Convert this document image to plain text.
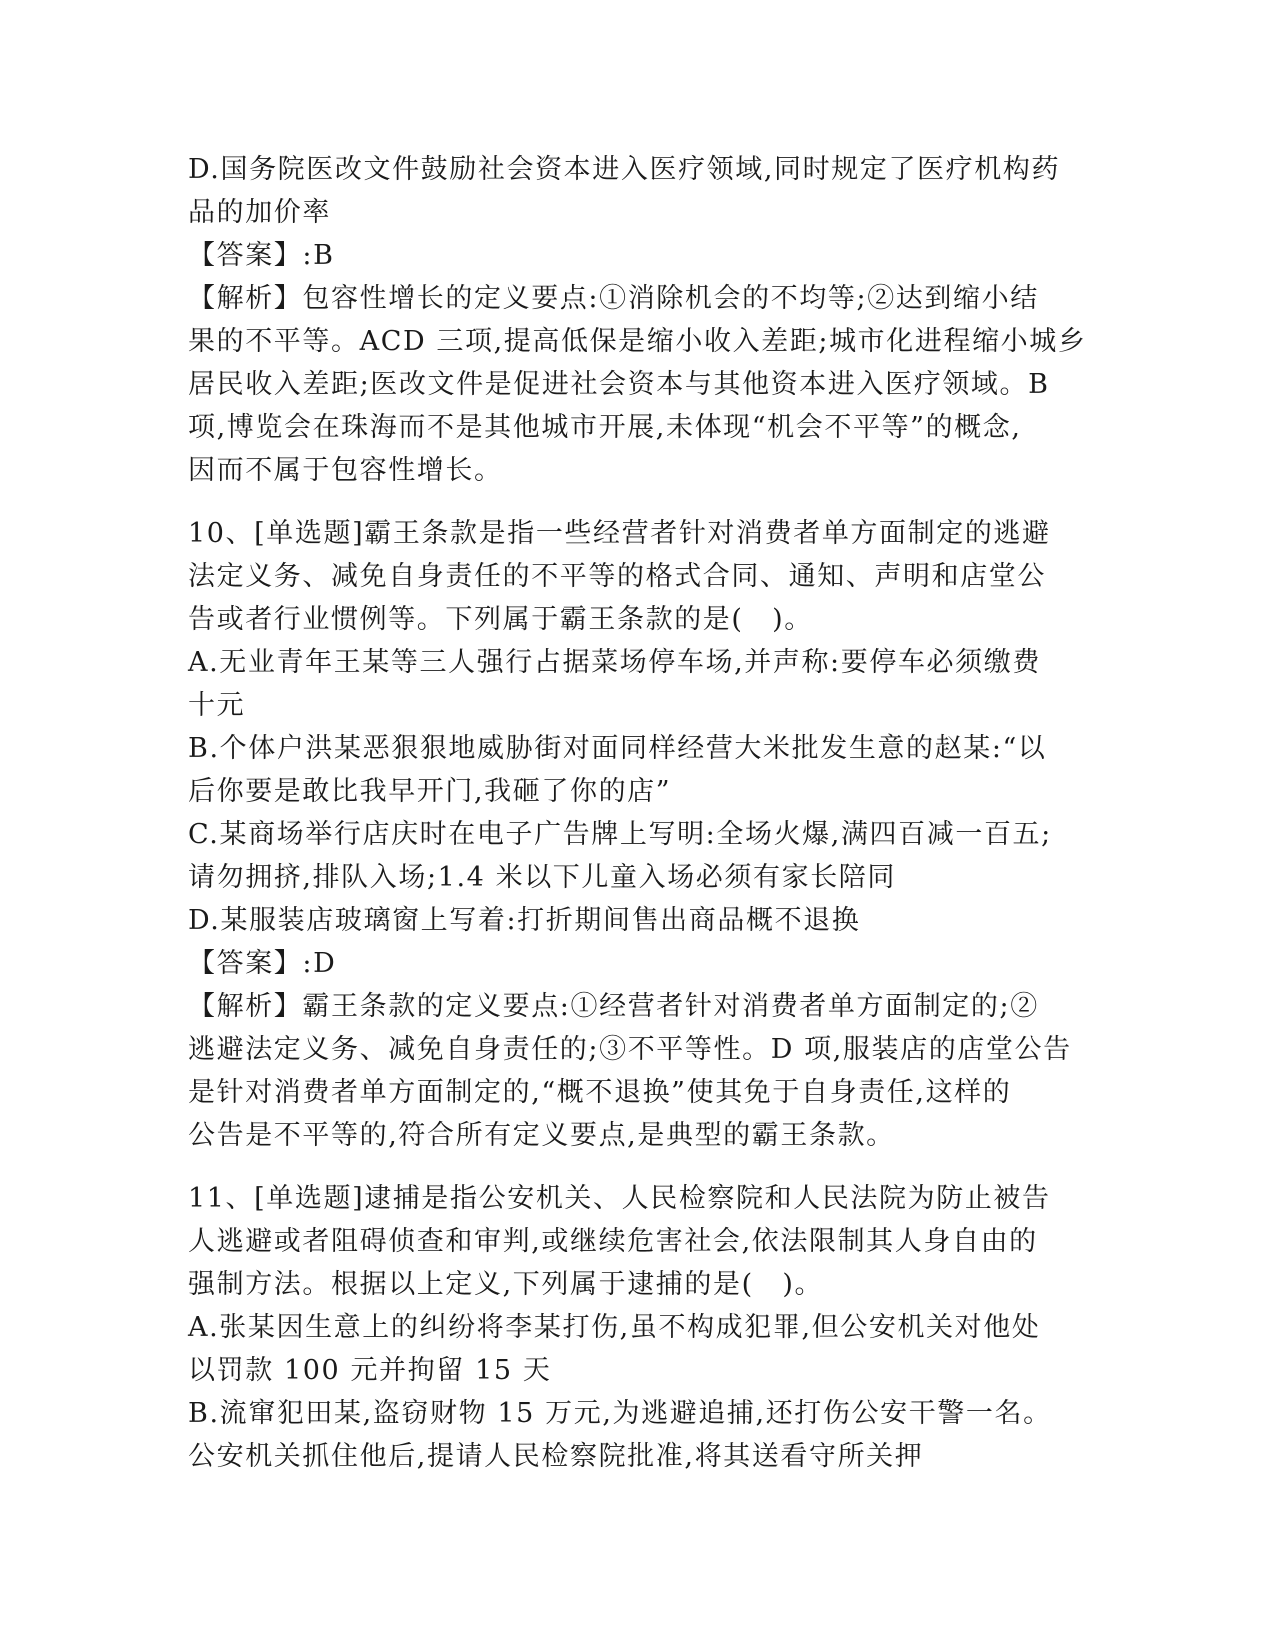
D.国务院医改文件鼓励社会资本进入医疗领域,同时规定了医疗机构药
品的加价率
【答案】:B
【解析】包容性增长的定义要点:①消除机会的不均等;②达到缩小结
果的不平等。ACD 三项,提高低保是缩小收入差距;城市化进程缩小城乡
居民收入差距;医改文件是促进社会资本与其他资本进入医疗领域。B
项,博览会在珠海而不是其他城市开展,未体现“机会不平等”的概念,
因而不属于包容性增长。
10、[单选题]霸王条款是指一些经营者针对消费者单方面制定的逃避
法定义务、减免自身责任的不平等的格式合同、通知、声明和店堂公
告或者行业惯例等。下列属于霸王条款的是(　)。
A.无业青年王某等三人强行占据菜场停车场,并声称:要停车必须缴费
十元
B.个体户洪某恶狠狠地威胁街对面同样经营大米批发生意的赵某:“以
后你要是敢比我早开门,我砸了你的店”
C.某商场举行店庆时在电子广告牌上写明:全场火爆,满四百减一百五;
请勿拥挤,排队入场;1.4 米以下儿童入场必须有家长陪同
D.某服装店玻璃窗上写着:打折期间售出商品概不退换
【答案】:D
【解析】霸王条款的定义要点:①经营者针对消费者单方面制定的;②
逃避法定义务、减免自身责任的;③不平等性。D 项,服装店的店堂公告
是针对消费者单方面制定的,“概不退换”使其免于自身责任,这样的
公告是不平等的,符合所有定义要点,是典型的霸王条款。
11、[单选题]逮捕是指公安机关、人民检察院和人民法院为防止被告
人逃避或者阻碍侦查和审判,或继续危害社会,依法限制其人身自由的
强制方法。根据以上定义,下列属于逮捕的是(　)。
A.张某因生意上的纠纷将李某打伤,虽不构成犯罪,但公安机关对他处
以罚款 100 元并拘留 15 天
B.流窜犯田某,盗窃财物 15 万元,为逃避追捕,还打伤公安干警一名。
公安机关抓住他后,提请人民检察院批准,将其送看守所关押
